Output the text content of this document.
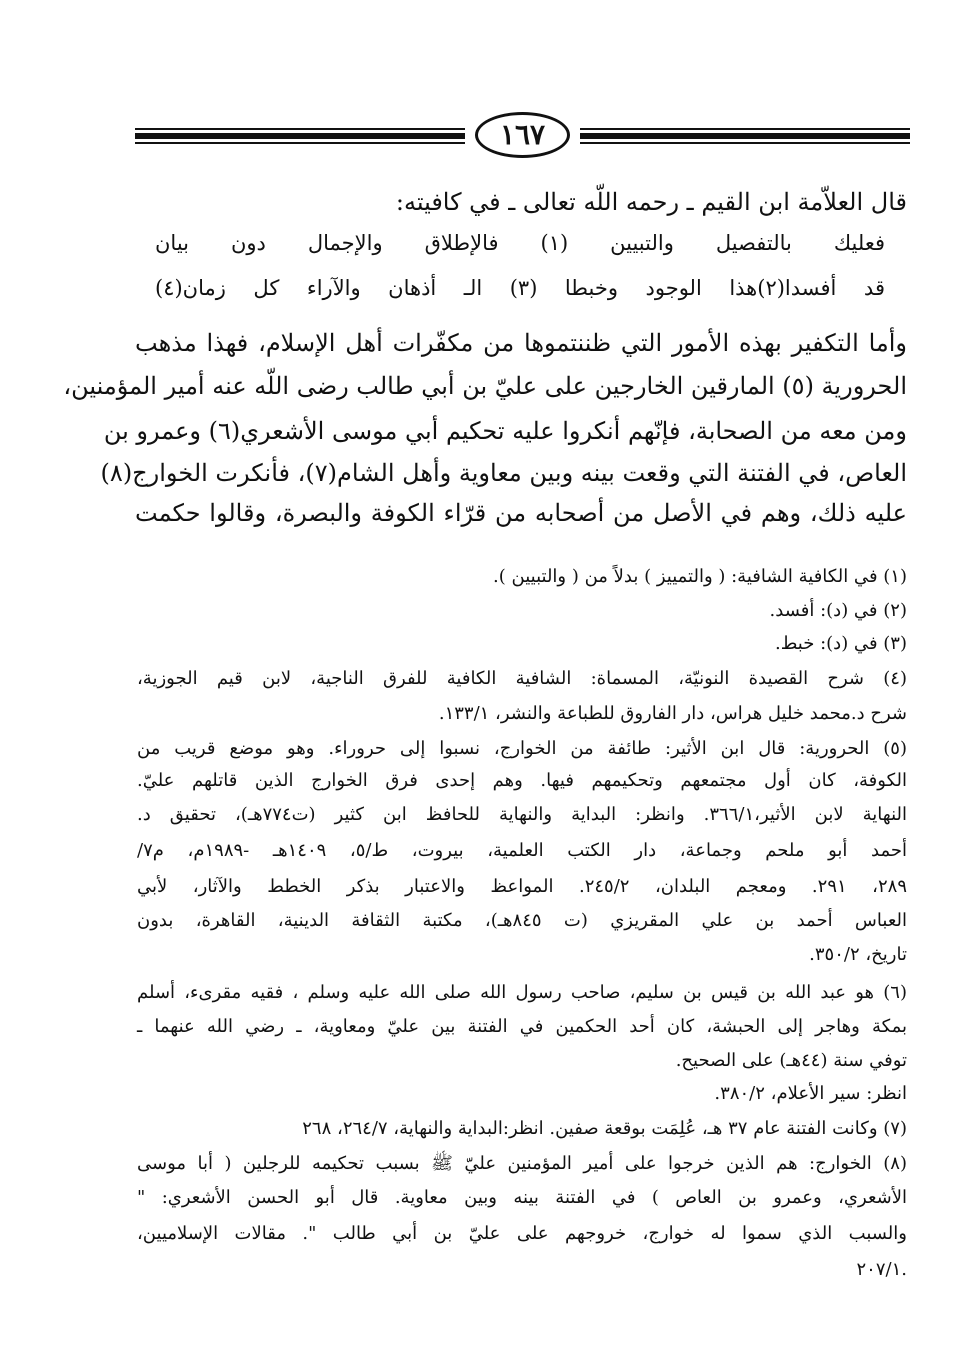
١٦٧
قال العلاّمة ابن القيم ـ رحمه اللّه تعالى ـ في كافيته:
فعليك بالتفصيل والتبيين (١) فالإطلاق والإجمال دون بيان
قد أفسدا(٢)هذا الوجود وخبطا (٣) الـ أذهان والآراء كل زمان(٤)
وأما التكفير بهذه الأمور التي ظننتموها من مكفّرات أهل الإسلام، فهذا مذهب
الحرورية (٥) المارقين الخارجين على عليّ بن أبي طالب رضى اللّه عنه أمير المؤمنين،
ومن معه من الصحابة، فإنّهم أنكروا عليه تحكيم أبي موسى الأشعري(٦) وعمرو بن
العاص، في الفتنة التي وقعت بينه وبين معاوية وأهل الشام(٧)، فأنكرت الخوارج(٨)
عليه ذلك، وهم في الأصل من أصحابه من قرّاء الكوفة والبصرة، وقالوا حكمت
(١) في الكافية الشافية: ( والتمييز ) بدلاً من ( والتبيين ).
(٢) في (د): أفسد.
(٣) في (د): خبط.
(٤) شرح القصيدة النونيّة، المسماة: الشافية الكافية للفرق الناجية، لابن قيم الجوزية،
شرح د.محمد خليل هراس، دار الفاروق للطباعة والنشر، ١٣٣/١.
(٥) الحرورية: قال ابن الأثير: طائفة من الخوارج، نسبوا إلى حروراء. وهو موضع قريب من
الكوفة، كان أول مجتمعهم وتحكيمهم فيها. وهم إحدى فرق الخوارج الذين قاتلهم عليّ.
النهاية لابن الأثير،٣٦٦/١. وانظر: البداية والنهاية للحافظ ابن كثير (ت٧٧٤هـ)، تحقيق د.
أحمد أبو ملحم وجماعة، دار الكتب العلمية، بيروت، ط/٥، ١٤٠٩هـ -١٩٨٩م، م٧/
٢٨٩، ٢٩١. ومعجم البلدان، ٢٤٥/٢. المواعظ والاعتبار بذكر الخطط والآثار، لأبي
العباس أحمد بن علي المقريزي (ت ٨٤٥هـ)، مكتبة الثقافة الدينية، القاهرة، بدون
تاريخ، ٣٥٠/٢.
(٦) هو عبد الله بن قيس بن سليم، صاحب رسول الله صلى الله عليه وسلم ، فقيه مقرىء، أسلم
بمكة وهاجر إلى الحبشة، كان أحد الحكمين في الفتنة بين عليّ ومعاوية، ـ رضي الله عنهما ـ
توفي سنة (٤٤هـ) على الصحيح.
انظر: سير الأعلام، ٣٨٠/٢.
(٧) وكانت الفتنة عام ٣٧ هـ، عُلِمَت بوقعة صفين. انظر:البداية والنهاية، ٢٦٤/٧، ٢٦٨
(٨) الخوارج: هم الذين خرجوا على أمير المؤمنين عليّ ﷺ بسبب تحكيمه للرجلين ( أبا موسى
الأشعري، وعمرو بن العاص ) في الفتنة بينه وبين معاوية. قال أبو الحسن الأشعري: "
والسبب الذي سموا له خوارج، خروجهم على عليّ بن أبي طالب ". مقالات الإسلاميين،
.٢٠٧/١
